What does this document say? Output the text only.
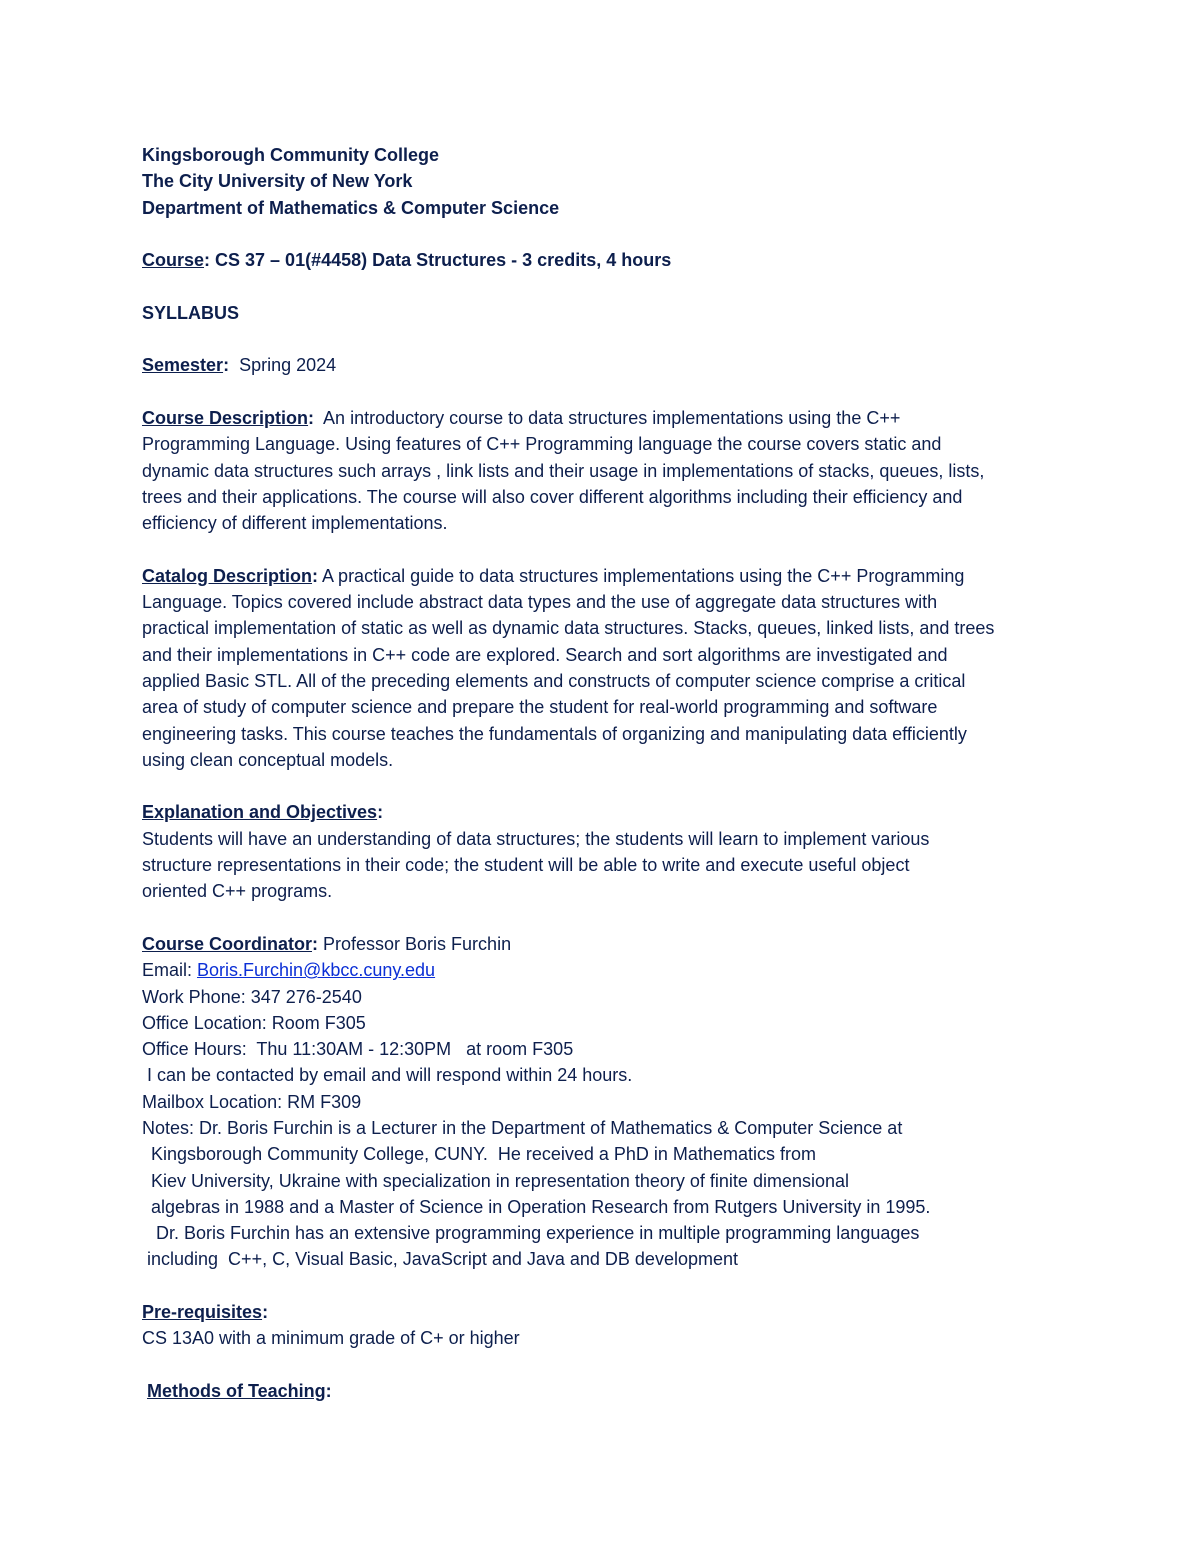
Kingsborough Community College
The City University of New York
Department of Mathematics & Computer Science
Course: CS 37 – 01(#4458) Data Structures - 3 credits, 4 hours
SYLLABUS
Semester:  Spring 2024
Course Description:  An introductory course to data structures implementations using the C++
Programming Language. Using features of C++ Programming language the course covers static and
dynamic data structures such arrays , link lists and their usage in implementations of stacks, queues, lists,
trees and their applications. The course will also cover different algorithms including their efficiency and
efficiency of different implementations.
Catalog Description: A practical guide to data structures implementations using the C++ Programming
Language. Topics covered include abstract data types and the use of aggregate data structures with
practical implementation of static as well as dynamic data structures. Stacks, queues, linked lists, and trees
and their implementations in C++ code are explored. Search and sort algorithms are investigated and
applied Basic STL. All of the preceding elements and constructs of computer science comprise a critical
area of study of computer science and prepare the student for real-world programming and software
engineering tasks. This course teaches the fundamentals of organizing and manipulating data efficiently
using clean conceptual models.
Explanation and Objectives:
Students will have an understanding of data structures; the students will learn to implement various
structure representations in their code; the student will be able to write and execute useful object
oriented C++ programs.
Course Coordinator: Professor Boris Furchin
Email: Boris.Furchin@kbcc.cuny.edu
Work Phone: 347 276-2540
Office Location: Room F305
Office Hours:  Thu 11:30AM - 12:30PM   at room F305
I can be contacted by email and will respond within 24 hours.
Mailbox Location: RM F309
Notes: Dr. Boris Furchin is a Lecturer in the Department of Mathematics & Computer Science at
Kingsborough Community College, CUNY.  He received a PhD in Mathematics from
Kiev University, Ukraine with specialization in representation theory of finite dimensional
algebras in 1988 and a Master of Science in Operation Research from Rutgers University in 1995.
Dr. Boris Furchin has an extensive programming experience in multiple programming languages
including  C++, C, Visual Basic, JavaScript and Java and DB development
Pre-requisites:
CS 13A0 with a minimum grade of C+ or higher
Methods of Teaching:
